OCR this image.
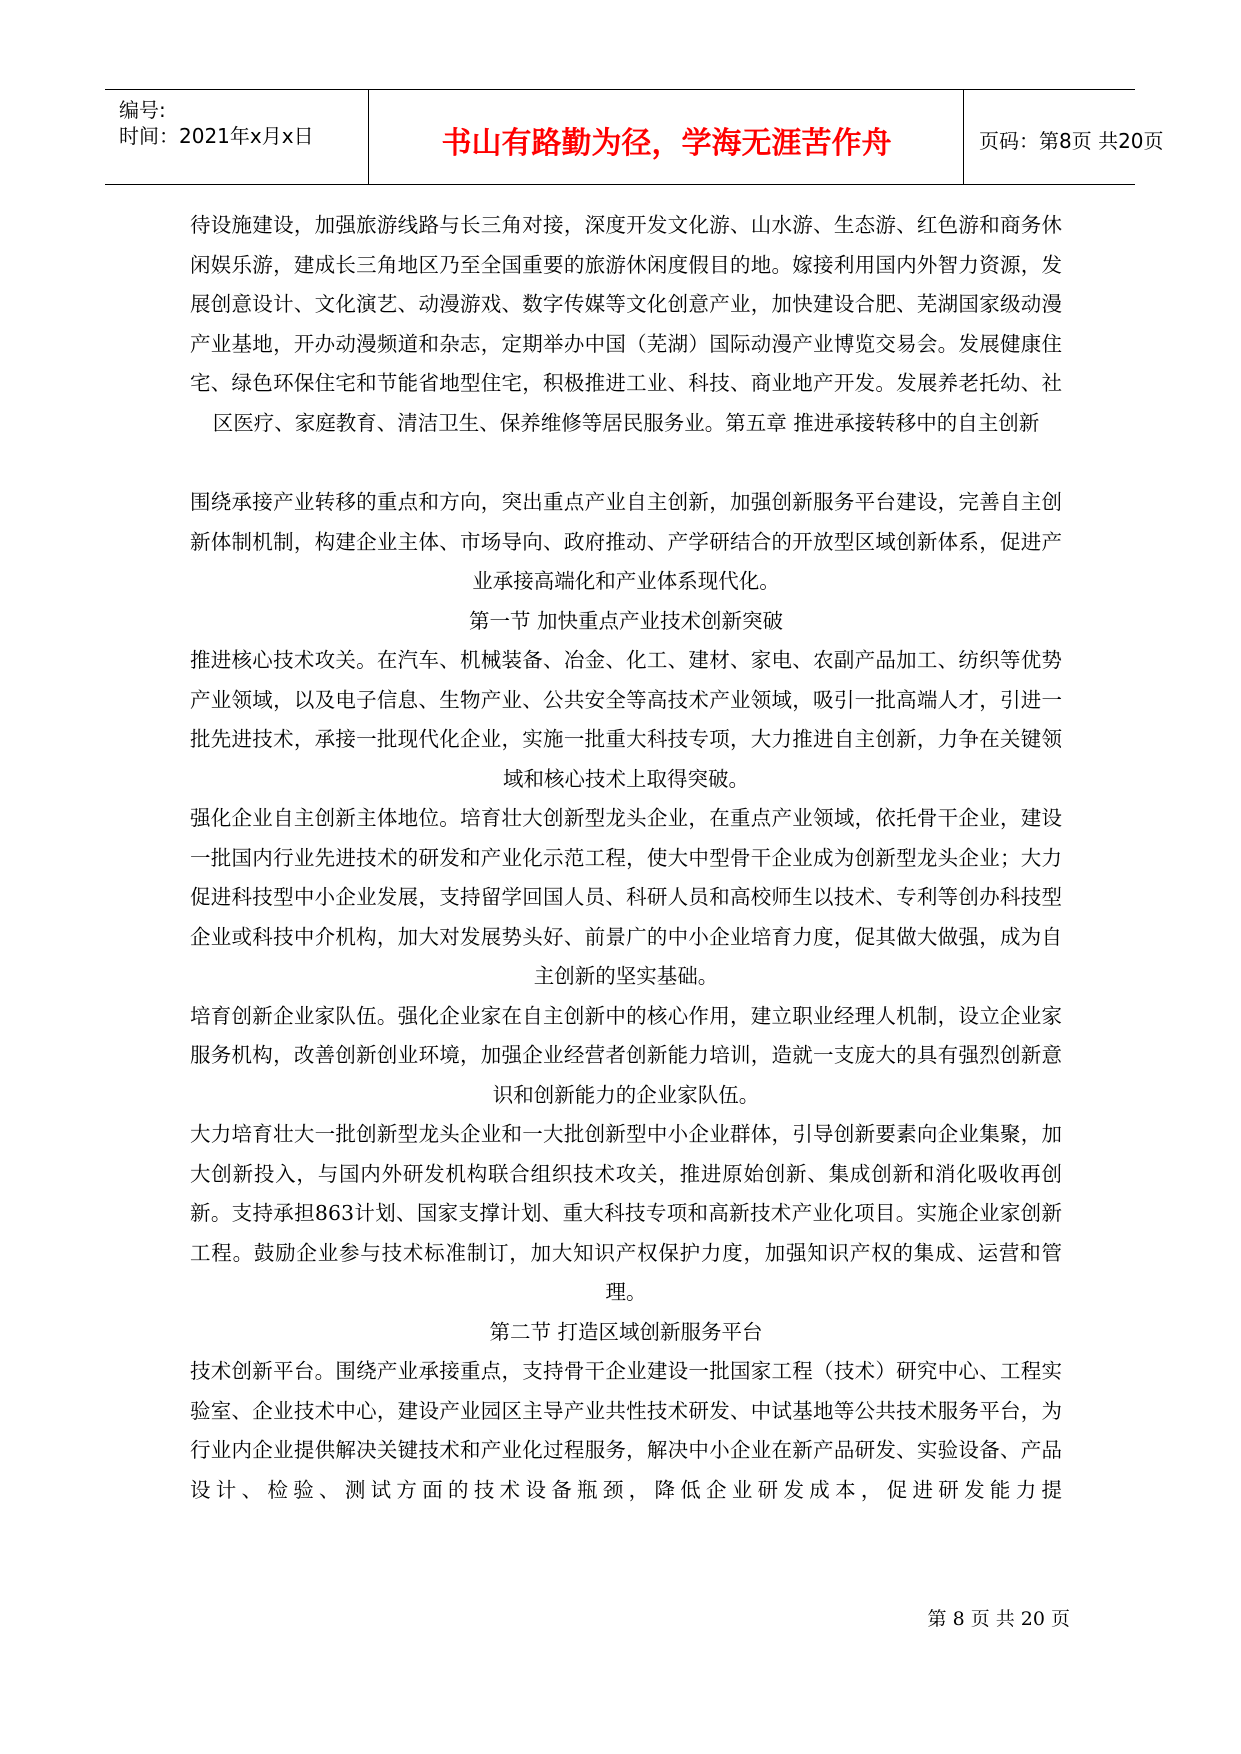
编号:
时间：2021年x月x日	书山有路勤为径，学海无涯苦作舟	页码：第8页 共20页

待设施建设，加强旅游线路与长三角对接，深度开发文化游、山水游、生态游、红色游和商务休闲娱乐游，建成长三角地区乃至全国重要的旅游休闲度假目的地。嫁接利用国内外智力资源，发展创意设计、文化演艺、动漫游戏、数字传媒等文化创意产业，加快建设合肥、芜湖国家级动漫产业基地，开办动漫频道和杂志，定期举办中国（芜湖）国际动漫产业博览交易会。发展健康住宅、绿色环保住宅和节能省地型住宅，积极推进工业、科技、商业地产开发。发展养老托幼、社区医疗、家庭教育、清洁卫生、保养维修等居民服务业。第五章 推进承接转移中的自主创新

围绕承接产业转移的重点和方向，突出重点产业自主创新，加强创新服务平台建设，完善自主创新体制机制，构建企业主体、市场导向、政府推动、产学研结合的开放型区域创新体系，促进产业承接高端化和产业体系现代化。

第一节 加快重点产业技术创新突破

推进核心技术攻关。在汽车、机械装备、冶金、化工、建材、家电、农副产品加工、纺织等优势产业领域，以及电子信息、生物产业、公共安全等高技术产业领域，吸引一批高端人才，引进一批先进技术，承接一批现代化企业，实施一批重大科技专项，大力推进自主创新，力争在关键领域和核心技术上取得突破。

强化企业自主创新主体地位。培育壮大创新型龙头企业，在重点产业领域，依托骨干企业，建设一批国内行业先进技术的研发和产业化示范工程，使大中型骨干企业成为创新型龙头企业；大力促进科技型中小企业发展，支持留学回国人员、科研人员和高校师生以技术、专利等创办科技型企业或科技中介机构，加大对发展势头好、前景广的中小企业培育力度，促其做大做强，成为自主创新的坚实基础。

培育创新企业家队伍。强化企业家在自主创新中的核心作用，建立职业经理人机制，设立企业家服务机构，改善创新创业环境，加强企业经营者创新能力培训，造就一支庞大的具有强烈创新意识和创新能力的企业家队伍。

大力培育壮大一批创新型龙头企业和一大批创新型中小企业群体，引导创新要素向企业集聚，加大创新投入，与国内外研发机构联合组织技术攻关，推进原始创新、集成创新和消化吸收再创新。支持承担863计划、国家支撑计划、重大科技专项和高新技术产业化项目。实施企业家创新工程。鼓励企业参与技术标准制订，加大知识产权保护力度，加强知识产权的集成、运营和管理。

第二节 打造区域创新服务平台

技术创新平台。围绕产业承接重点，支持骨干企业建设一批国家工程（技术）研究中心、工程实验室、企业技术中心，建设产业园区主导产业共性技术研发、中试基地等公共技术服务平台，为行业内企业提供解决关键技术和产业化过程服务，解决中小企业在新产品研发、实验设备、产品设计、检验、测试方面的技术设备瓶颈，降低企业研发成本，促进研发能力提

第 8 页 共 20 页
